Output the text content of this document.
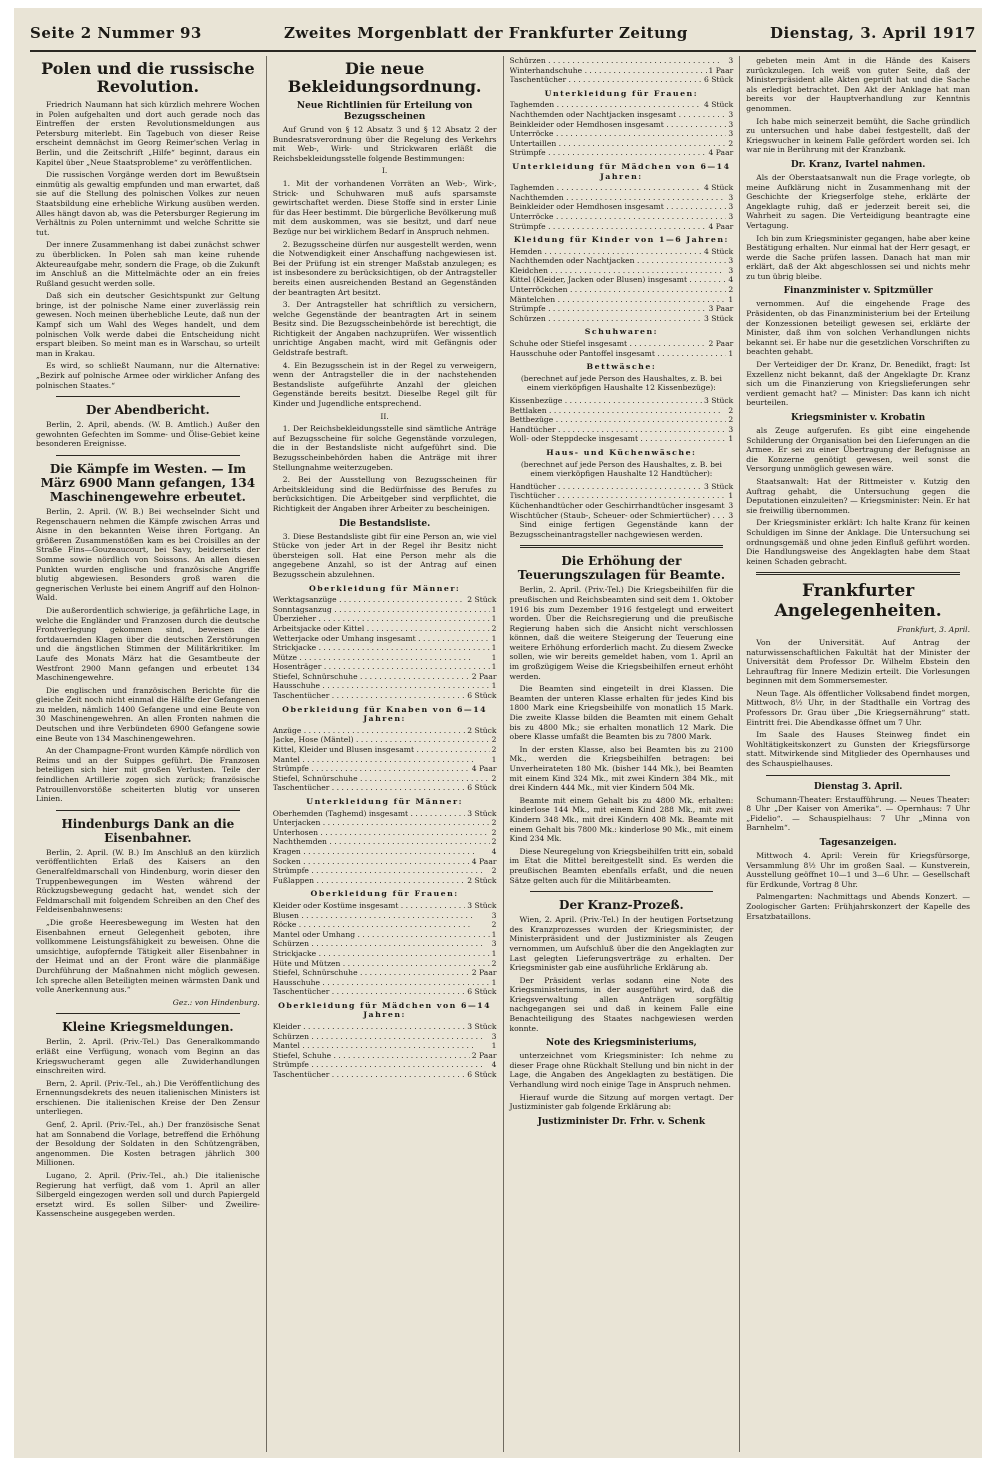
Seite 2 Nummer 93	Zweites Morgenblatt der Frankfurter Zeitung	Dienstag, 3. April 1917
Polen und die russische Revolution.

Friedrich Naumann hat sich kürzlich mehrere Wochen in Polen aufgehalten und dort auch gerade noch das Eintreffen der ersten Revolutionsmeldungen aus Petersburg miterlebt. Ein Tagebuch von dieser Reise erscheint demnächst im Georg Reimer'schen Verlag in Berlin, und die Zeitschrift „Hilfe“ beginnt, daraus ein Kapitel über „Neue Staatsprobleme“ zu veröffentlichen.

Die russischen Vorgänge werden dort im Bewußtsein einmütig als gewaltig empfunden und man erwartet, daß sie auf die Stellung des polnischen Volkes zur neuen Staatsbildung eine erhebliche Wirkung ausüben werden. Alles hängt davon ab, was die Petersburger Regierung im Verhältnis zu Polen unternimmt und welche Schritte sie tut.

Der innere Zusammenhang ist dabei zunächst schwer zu überblicken. In Polen sah man keine ruhende Akteureaufgabe mehr, sondern die Frage, ob die Zukunft im Anschluß an die Mittelmächte oder an ein freies Rußland gesucht werden solle.

Daß sich ein deutscher Gesichtspunkt zur Geltung bringe, ist der polnische Name einer zuverlässig rein gewesen. Noch meinen überhebliche Leute, daß nun der Kampf sich um Wahl des Weges handelt, und dem polnischen Volk werde dabei die Entscheidung nicht erspart bleiben. So meint man es in Warschau, so urteilt man in Krakau.

Es wird, so schließt Naumann, nur die Alternative: „Bezirk auf polnische Armee oder wirklicher Anfang des polnischen Staates.“

Der Abendbericht.

Berlin, 2. April, abends. (W. B. Amtlich.) Außer den gewohnten Gefechten im Somme- und Ölise-Gebiet keine besonderen Ereignisse.

Die Kämpfe im Westen. — Im März 6900 Mann gefangen, 134 Maschinengewehre erbeutet.

Berlin, 2. April. (W. B.) Bei wechselnder Sicht und Regenschauern nehmen die Kämpfe zwischen Arras und Aisne in den bekannten Weise ihren Fortgang. An größeren Zusammenstößen kam es bei Croisilles an der Straße Fins—Gouzeaucourt, bei Savy, beiderseits der Somme sowie nördlich von Soissons. An allen diesen Punkten wurden englische und französische Angriffe blutig abgewiesen. Besonders groß waren die gegnerischen Verluste bei einem Angriff auf den Holnon-Wald.

Die außerordentlich schwierige, ja gefährliche Lage, in welche die Engländer und Franzosen durch die deutsche Frontverlegung gekommen sind, beweisen die fortdauernden Klagen über die deutschen Zerstörungen und die ängstlichen Stimmen der Militärkritiker. Im Laufe des Monats März hat die Gesamtbeute der Westfront 2900 Mann gefangen und erbeutet 134 Maschinengewehre.

Die englischen und französischen Berichte für die gleiche Zeit noch nicht einmal die Hälfte der Gefangenen zu melden, nämlich 1400 Gefangene und eine Beute von 30 Maschinengewehren. An allen Fronten nahmen die Deutschen und ihre Verbündeten 6900 Gefangene sowie eine Beute von 134 Maschinengewehren.

An der Champagne-Front wurden Kämpfe nördlich von Reims und an der Suippes geführt. Die Franzosen beteiligen sich hier mit großen Verlusten. Teile der feindlichen Artillerie zogen sich zurück; französische Patrouillenvorstöße scheiterten blutig vor unseren Linien.

Hindenburgs Dank an die Eisenbahner.

Berlin, 2. April. (W. B.) Im Anschluß an den kürzlich veröffentlichten Erlaß des Kaisers an den Generalfeldmarschall von Hindenburg, worin dieser den Truppenbewegungen im Westen während der Rückzugsbewegung gedacht hat, wendet sich der Feldmarschall mit folgendem Schreiben an den Chef des Feldeisenbahnwesens:

„Die große Heeresbewegung im Westen hat den Eisenbahnen erneut Gelegenheit geboten, ihre vollkommene Leistungsfähigkeit zu beweisen. Ohne die umsichtige, aufopfernde Tätigkeit aller Eisenbahner in der Heimat und an der Front wäre die planmäßige Durchführung der Maßnahmen nicht möglich gewesen. Ich spreche allen Beteiligten meinen wärmsten Dank und volle Anerkennung aus.“

Gez.: von Hindenburg.

Kleine Kriegsmeldungen.

Berlin, 2. April. (Priv.-Tel.) Das Generalkommando erläßt eine Verfügung, wonach vom Beginn an das Kriegswucheramt gegen alle Zuwiderhandlungen einschreiten wird.

Bern, 2. April. (Priv.-Tel., ah.) Die Veröffentlichung des Ernennungsdekrets des neuen italienischen Ministers ist erschienen. Die italienischen Kreise der Den Zensur unterliegen.

Genf, 2. April. (Priv.-Tel., ah.) Der französische Senat hat am Sonnabend die Vorlage, betreffend die Erhöhung der Besoldung der Soldaten in den Schützengräben, angenommen. Die Kosten betragen jährlich 300 Millionen.

Lugano, 2. April. (Priv.-Tel., ah.) Die italienische Regierung hat verfügt, daß vom 1. April an aller Silbergeld eingezogen werden soll und durch Papiergeld ersetzt wird. Es sollen Silber- und Zweilire-Kassenscheine ausgegeben werden.

Die neue Bekleidungsordnung.
Neue Richtlinien für Erteilung von Bezugsscheinen

Auf Grund von § 12 Absatz 3 und § 12 Absatz 2 der Bundesratsverordnung über die Regelung des Verkehrs mit Web-, Wirk- und Strickwaren erläßt die Reichsbekleidungsstelle folgende Bestimmungen:

I.

1. Mit der vorhandenen Vorräten an Web-, Wirk-, Strick- und Schuhwaren muß aufs sparsamste gewirtschaftet werden. Diese Stoffe sind in erster Linie für das Heer bestimmt. Die bürgerliche Bevölkerung muß mit dem auskommen, was sie besitzt, und darf neue Bezüge nur bei wirklichem Bedarf in Anspruch nehmen.

2. Bezugsscheine dürfen nur ausgestellt werden, wenn die Notwendigkeit einer Anschaffung nachgewiesen ist. Bei der Prüfung ist ein strenger Maßstab anzulegen; es ist insbesondere zu berücksichtigen, ob der Antragsteller bereits einen ausreichenden Bestand an Gegenständen der beantragten Art besitzt.

3. Der Antragsteller hat schriftlich zu versichern, welche Gegenstände der beantragten Art in seinem Besitz sind. Die Bezugsscheinbehörde ist berechtigt, die Richtigkeit der Angaben nachzuprüfen. Wer wissentlich unrichtige Angaben macht, wird mit Gefängnis oder Geldstrafe bestraft.

4. Ein Bezugsschein ist in der Regel zu verweigern, wenn der Antragsteller die in der nachstehenden Bestandsliste aufgeführte Anzahl der gleichen Gegenstände bereits besitzt. Dieselbe Regel gilt für Kinder und Jugendliche entsprechend.

II.

1. Der Reichsbekleidungsstelle sind sämtliche Anträge auf Bezugsscheine für solche Gegenstände vorzulegen, die in der Bestandsliste nicht aufgeführt sind. Die Bezugsscheinbehörden haben die Anträge mit ihrer Stellungnahme weiterzugeben.

2. Bei der Ausstellung von Bezugsscheinen für Arbeitskleidung sind die Bedürfnisse des Berufes zu berücksichtigen. Die Arbeitgeber sind verpflichtet, die Richtigkeit der Angaben ihrer Arbeiter zu bescheinigen.

Die Bestandsliste.

3. Diese Bestandsliste gibt für eine Person an, wie viel Stücke von jeder Art in der Regel ihr Besitz nicht übersteigen soll. Hat eine Person mehr als die angegebene Anzahl, so ist der Antrag auf einen Bezugsschein abzulehnen.

Oberkleidung für Männer:
Werktagsanzüge . . .	2 Stück
Sonntagsanzug . . .	1
Überzieher . . .	1
Arbeitsjacke oder Kittel . . .	2
Wetterjacke oder Umhang insgesamt . . .	1
Strickjacke . . .	1
Mütze . . .	1
Hosenträger . . .	1
Stiefel, Schnürschuhe . . .	2 Paar
Hausschuhe . . .	1
Taschentücher . . .	6 Stück
Oberkleidung für Knaben von 6—14 Jahren:
Anzüge . . .	2 Stück
Jacke, Hose (Mäntel) . . .	2
Kittel, Kleider und Blusen insgesamt . . .	2
Mantel . . .	1
Strümpfe . . .	4 Paar
Stiefel, Schnürschuhe . . .	2
Taschentücher . . .	6 Stück
Unterkleidung für Männer:
Oberhemden (Taghemd) insgesamt . . .	3 Stück
Unterjacken . . .	2
Unterhosen . . .	2
Nachthemden . . .	2
Kragen . . .	4
Socken . . .	4 Paar
Strümpfe . . .	2
Fußlappen . . .	2 Stück
Oberkleidung für Frauen:
Kleider oder Kostüme insgesamt . . .	3 Stück
Blusen . . .	3
Röcke . . .	2
Mantel oder Umhang . . .	1
Schürzen . . .	3
Strickjacke . . .	1
Hüte und Mützen . . .	2
Stiefel, Schnürschuhe . . .	2 Paar
Hausschuhe . . .	1
Taschentücher . . .	6 Stück
Oberkleidung für Mädchen von 6—14 Jahren:
Kleider . . .	3 Stück
Schürzen . . .	3
Mantel . . .	1
Stiefel, Schuhe . . .	2 Paar
Strümpfe . . .	4
Taschentücher . . .	6 Stück
Schürzen . . .	3
Winterhandschuhe . . .	1 Paar
Taschentücher . . .	6 Stück
Unterkleidung für Frauen:
Taghemden . . .	4 Stück
Nachthemden oder Nachtjacken insgesamt . . .	3
Beinkleider oder Hemdhosen insgesamt . . .	3
Unterröcke . . .	3
Untertaillen . . .	2
Strümpfe . . .	4 Paar
Unterkleidung für Mädchen von 6—14 Jahren:
Taghemden . . .	4 Stück
Nachthemden . . .	3
Beinkleider oder Hemdhosen insgesamt . . .	3
Unterröcke . . .	3
Strümpfe . . .	4 Paar
Kleidung für Kinder von 1—6 Jahren:
Hemden . . .	4 Stück
Nachthemden oder Nachtjacken . . .	3
Kleidchen . . .	3
Kittel (Kleider, Jacken oder Blusen) insgesamt . . .	4
Unterröckchen . . .	2
Mäntelchen . . .	1
Strümpfe . . .	3 Paar
Schürzen . . .	3 Stück
Schuhwaren:
Schuhe oder Stiefel insgesamt . . .	2 Paar
Hausschuhe oder Pantoffel insgesamt . . .	1
Bettwäsche:

(berechnet auf jede Person des Haushaltes, z. B. bei einem vierköpfigen Haushalte 12 Kissenbezüge):

Kissenbezüge . . .	3 Stück
Bettlaken . . .	2
Bettbezüge . . .	2
Handtücher . . .	3
Woll- oder Steppdecke insgesamt . . .	1
Haus- und Küchenwäsche:

(berechnet auf jede Person des Haushaltes, z. B. bei einem vierköpfigen Haushalte 12 Handtücher):

Handtücher . . .	3 Stück
Tischtücher . . .	1
Küchenhandtücher oder Geschirrhandtücher insgesamt . . . 3
Wischtücher (Staub-, Scheuer- oder Schmiertücher) . . .	3

Sind einige fertigen Gegenstände kann der Bezugsscheinantragsteller nachgewiesen werden.

Die Erhöhung der Teuerungszulagen für Beamte.

Berlin, 2. April. (Priv.-Tel.) Die Kriegsbeihilfen für die preußischen und Reichsbeamten sind seit dem 1. Oktober 1916 bis zum Dezember 1916 festgelegt und erweitert worden. Über die Reichsregierung und die preußische Regierung haben sich die Ansicht nicht verschlossen können, daß die weitere Steigerung der Teuerung eine weitere Erhöhung erforderlich macht. Zu diesem Zwecke sollen, wie wir bereits gemeldet haben, vom 1. April an im großzügigem Weise die Kriegsbeihilfen erneut erhöht werden.

Die Beamten sind eingeteilt in drei Klassen. Die Beamten der unteren Klasse erhalten für jedes Kind bis 1800 Mark eine Kriegsbeihilfe von monatlich 15 Mark. Die zweite Klasse bilden die Beamten mit einem Gehalt bis zu 4800 Mk.; sie erhalten monatlich 12 Mark. Die obere Klasse umfaßt die Beamten bis zu 7800 Mark.

In der ersten Klasse, also bei Beamten bis zu 2100 Mk., werden die Kriegsbeihilfen betragen: bei Unverheirateten 180 Mk. (bisher 144 Mk.), bei Beamten mit einem Kind 324 Mk., mit zwei Kindern 384 Mk., mit drei Kindern 444 Mk., mit vier Kindern 504 Mk.

Beamte mit einem Gehalt bis zu 4800 Mk. erhalten: kinderlose 144 Mk., mit einem Kind 288 Mk., mit zwei Kindern 348 Mk., mit drei Kindern 408 Mk. Beamte mit einem Gehalt bis 7800 Mk.: kinderlose 90 Mk., mit einem Kind 234 Mk.

Diese Neuregelung von Kriegsbeihilfen tritt ein, sobald im Etat die Mittel bereitgestellt sind. Es werden die preußischen Beamten ebenfalls erfaßt, und die neuen Sätze gelten auch für die Militärbeamten.

Der Kranz-Prozeß.

Wien, 2. April. (Priv.-Tel.) In der heutigen Fortsetzung des Kranzprozesses wurden der Kriegsminister, der Ministerpräsident und der Justizminister als Zeugen vernommen, um Aufschluß über die den Angeklagten zur Last gelegten Lieferungsverträge zu erhalten. Der Kriegsminister gab eine ausführliche Erklärung ab.

Der Präsident verlas sodann eine Note des Kriegsministeriums, in der ausgeführt wird, daß die Kriegsverwaltung allen Anträgen sorgfältig nachgegangen sei und daß in keinem Falle eine Benachteiligung des Staates nachgewiesen werden konnte.

Note des Kriegsministeriums,

unterzeichnet vom Kriegsminister: Ich nehme zu dieser Frage ohne Rückhalt Stellung und bin nicht in der Lage, die Angaben des Angeklagten zu bestätigen. Die Verhandlung wird noch einige Tage in Anspruch nehmen.

Hierauf wurde die Sitzung auf morgen vertagt. Der Justizminister gab folgende Erklärung ab:

Justizminister Dr. Frhr. v. Schenk

gebeten mein Amt in die Hände des Kaisers zurückzulegen. Ich weiß von guter Seite, daß der Ministerpräsident alle Akten geprüft hat und die Sache als erledigt betrachtet. Den Akt der Anklage hat man bereits vor der Hauptverhandlung zur Kenntnis genommen.

Ich habe mich seinerzeit bemüht, die Sache gründlich zu untersuchen und habe dabei festgestellt, daß der Kriegswucher in keinem Falle gefördert worden sei. Ich war nie in Berührung mit der Kranzbank.

Dr. Kranz, Ivartel nahmen.

Als der Oberstaatsanwalt nun die Frage vorlegte, ob meine Aufklärung nicht in Zusammenhang mit der Geschichte der Kriegserfolge stehe, erklärte der Angeklagte ruhig, daß er jederzeit bereit sei, die Wahrheit zu sagen. Die Verteidigung beantragte eine Vertagung.

Ich bin zum Kriegsminister gegangen, habe aber keine Bestätigung erhalten. Nur einmal hat der Herr gesagt, er werde die Sache prüfen lassen. Danach hat man mir erklärt, daß der Akt abgeschlossen sei und nichts mehr zu tun übrig bleibe.

Finanzminister v. Spitzmüller

vernommen. Auf die eingehende Frage des Präsidenten, ob das Finanzministerium bei der Erteilung der Konzessionen beteiligt gewesen sei, erklärte der Minister, daß ihm von solchen Verhandlungen nichts bekannt sei. Er habe nur die gesetzlichen Vorschriften zu beachten gehabt.

Der Verteidiger der Dr. Kranz, Dr. Benedikt, fragt: Ist Exzellenz nicht bekannt, daß der Angeklagte Dr. Kranz sich um die Finanzierung von Kriegslieferungen sehr verdient gemacht hat? — Minister: Das kann ich nicht beurteilen.

Kriegsminister v. Krobatin

als Zeuge aufgerufen. Es gibt eine eingehende Schilderung der Organisation bei den Lieferungen an die Armee. Er sei zu einer Übertragung der Befugnisse an die Konzerne genötigt gewesen, weil sonst die Versorgung unmöglich gewesen wäre.

Staatsanwalt: Hat der Rittmeister v. Kutzig den Auftrag gehabt, die Untersuchung gegen die Deputationen einzuleiten? — Kriegsminister: Nein. Er hat sie freiwillig übernommen.

Der Kriegsminister erklärt: Ich halte Kranz für keinen Schuldigen im Sinne der Anklage. Die Untersuchung sei ordnungsgemäß und ohne jeden Einfluß geführt worden. Die Handlungsweise des Angeklagten habe dem Staat keinen Schaden gebracht.

Frankfurter Angelegenheiten.

Frankfurt, 3. April.

Von der Universität. Auf Antrag der naturwissenschaftlichen Fakultät hat der Minister der Universität dem Professor Dr. Wilhelm Ebstein den Lehrauftrag für Innere Medizin erteilt. Die Vorlesungen beginnen mit dem Sommersemester.

Neun Tage. Als öffentlicher Volksabend findet morgen, Mittwoch, 8½ Uhr, in der Stadthalle ein Vortrag des Professors Dr. Grau über „Die Kriegsernährung“ statt. Eintritt frei. Die Abendkasse öffnet um 7 Uhr.

Im Saale des Hauses Steinweg findet ein Wohltätigkeitskonzert zu Gunsten der Kriegsfürsorge statt. Mitwirkende sind Mitglieder des Opernhauses und des Schauspielhauses.

Dienstag 3. April.

Schumann-Theater: Erstaufführung. — Neues Theater: 8 Uhr „Der Kaiser von Amerika“. — Opernhaus: 7 Uhr „Fidelio“. — Schauspielhaus: 7 Uhr „Minna von Barnhelm“.

Tagesanzeigen.

Mittwoch 4. April: Verein für Kriegsfürsorge, Versammlung 8½ Uhr im großen Saal. — Kunstverein, Ausstellung geöffnet 10—1 und 3—6 Uhr. — Gesellschaft für Erdkunde, Vortrag 8 Uhr.

Palmengarten: Nachmittags und Abends Konzert. — Zoologischer Garten: Frühjahrskonzert der Kapelle des Ersatzbataillons.
